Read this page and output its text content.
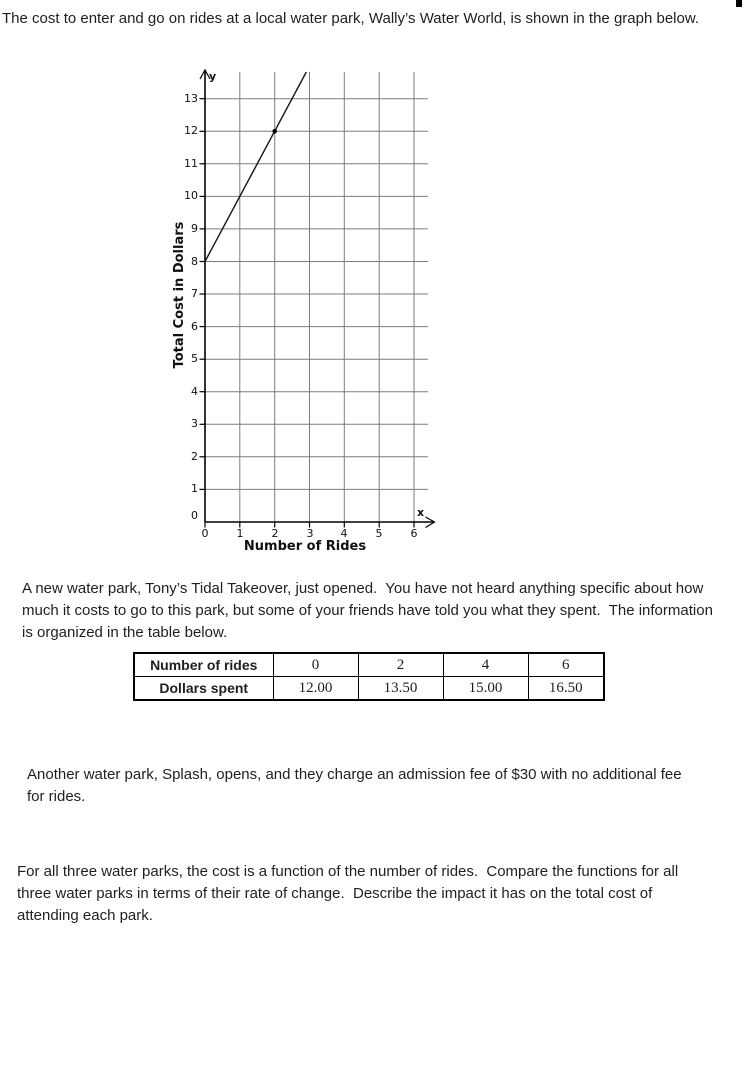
The cost to enter and go on rides at a local water park, Wally’s Water World, is shown in the graph below.
Total Cost in Dollars
Number of Rides
y
x
13
12
11
10
9
8
7
6
5
4
3
2
1
0
0	1	2	3	4	5	6
A new water park, Tony’s Tidal Takeover, just opened.  You have not heard anything specific about how
much it costs to go to this park, but some of your friends have told you what they spent.  The information
is organized in the table below.
Number of rides	0	2	4	6
Dollars spent	12.00	13.50	15.00	16.50
Another water park, Splash, opens, and they charge an admission fee of $30 with no additional fee
for rides.
For all three water parks, the cost is a function of the number of rides.  Compare the functions for all
three water parks in terms of their rate of change.  Describe the impact it has on the total cost of
attending each park.
